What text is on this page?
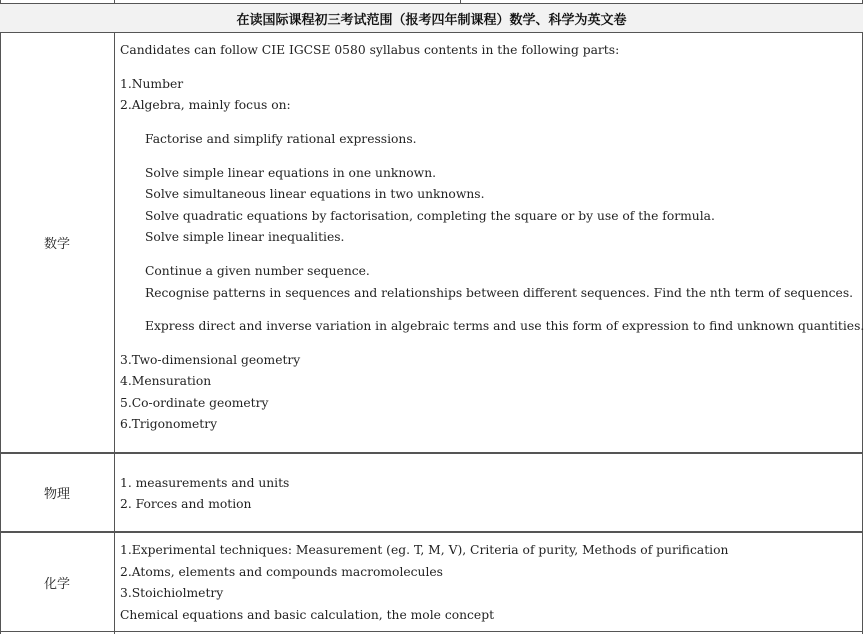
在读国际课程初三考试范围（报考四年制课程）数学、科学为英文卷
数学
Candidates can follow CIE IGCSE 0580 syllabus contents in the following parts:
1.Number
2.Algebra, mainly focus on:
Factorise and simplify rational expressions.
Solve simple linear equations in one unknown.
Solve simultaneous linear equations in two unknowns.
Solve quadratic equations by factorisation, completing the square or by use of the formula.
Solve simple linear inequalities.
Continue a given number sequence.
Recognise patterns in sequences and relationships between different sequences. Find the nth term of sequences.
Express direct and inverse variation in algebraic terms and use this form of expression to find unknown quantities.
3.Two-dimensional geometry
4.Mensuration
5.Co-ordinate geometry
6.Trigonometry
物理
1. measurements and units
2. Forces and motion
化学
1.Experimental techniques: Measurement (eg. T, M, V), Criteria of purity, Methods of purification
2.Atoms, elements and compounds macromolecules
3.Stoichiolmetry
Chemical equations and basic calculation, the mole concept
